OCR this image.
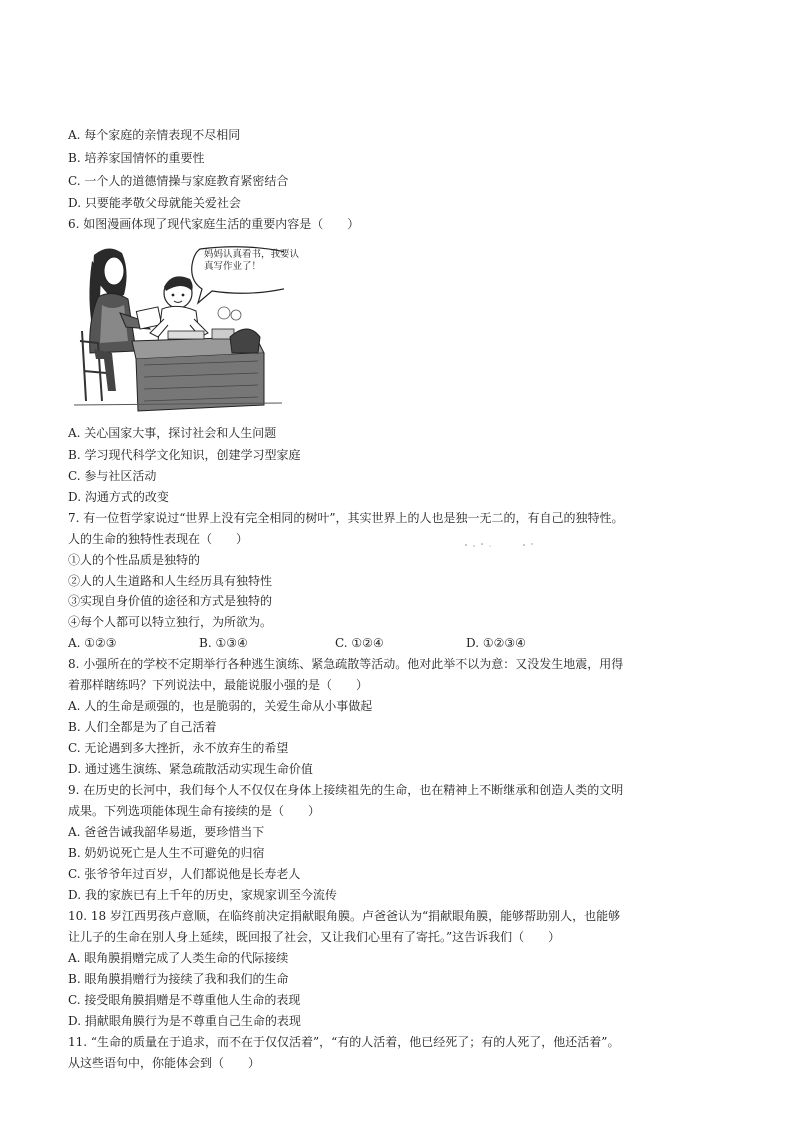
A. 每个家庭的亲情表现不尽相同
B. 培养家国情怀的重要性
C. 一个人的道德情操与家庭教育紧密结合
D. 只要能孝敬父母就能关爱社会
6. 如图漫画体现了现代家庭生活的重要内容是（　　）
妈妈认真看书，我要认真写作业了！
A. 关心国家大事，探讨社会和人生问题
B. 学习现代科学文化知识，创建学习型家庭
C. 参与社区活动
D. 沟通方式的改变
7. 有一位哲学家说过“世界上没有完全相同的树叶”，其实世界上的人也是独一无二的，有自己的独特性。
人的生命的独特性表现在（　　）
①人的个性品质是独特的
②人的人生道路和人生经历具有独特性
③实现自身价值的途径和方式是独特的
④每个人都可以特立独行，为所欲为。
A. ①②③	B. ①③④	C. ①②④	D. ①②③④
8. 小强所在的学校不定期举行各种逃生演练、紧急疏散等活动。他对此举不以为意：又没发生地震，用得
着那样瞎练吗？下列说法中，最能说服小强的是（　　）
A. 人的生命是顽强的，也是脆弱的，关爱生命从小事做起
B. 人们全都是为了自己活着
C. 无论遇到多大挫折，永不放弃生的希望
D. 通过逃生演练、紧急疏散活动实现生命价值
9. 在历史的长河中，我们每个人不仅仅在身体上接续祖先的生命，也在精神上不断继承和创造人类的文明
成果。下列选项能体现生命有接续的是（　　）
A. 爸爸告诫我韶华易逝，要珍惜当下
B. 奶奶说死亡是人生不可避免的归宿
C. 张爷爷年过百岁，人们都说他是长寿老人
D. 我的家族已有上千年的历史，家规家训至今流传
10. 18 岁江西男孩卢意顺，在临终前决定捐献眼角膜。卢爸爸认为“捐献眼角膜，能够帮助别人，也能够
让儿子的生命在别人身上延续，既回报了社会，又让我们心里有了寄托。”这告诉我们（　　）
A. 眼角膜捐赠完成了人类生命的代际接续
B. 眼角膜捐赠行为接续了我和我们的生命
C. 接受眼角膜捐赠是不尊重他人生命的表现
D. 捐献眼角膜行为是不尊重自己生命的表现
11. “生命的质量在于追求，而不在于仅仅活着”，“有的人活着，他已经死了；有的人死了，他还活着”。
从这些语句中，你能体会到（　　）
